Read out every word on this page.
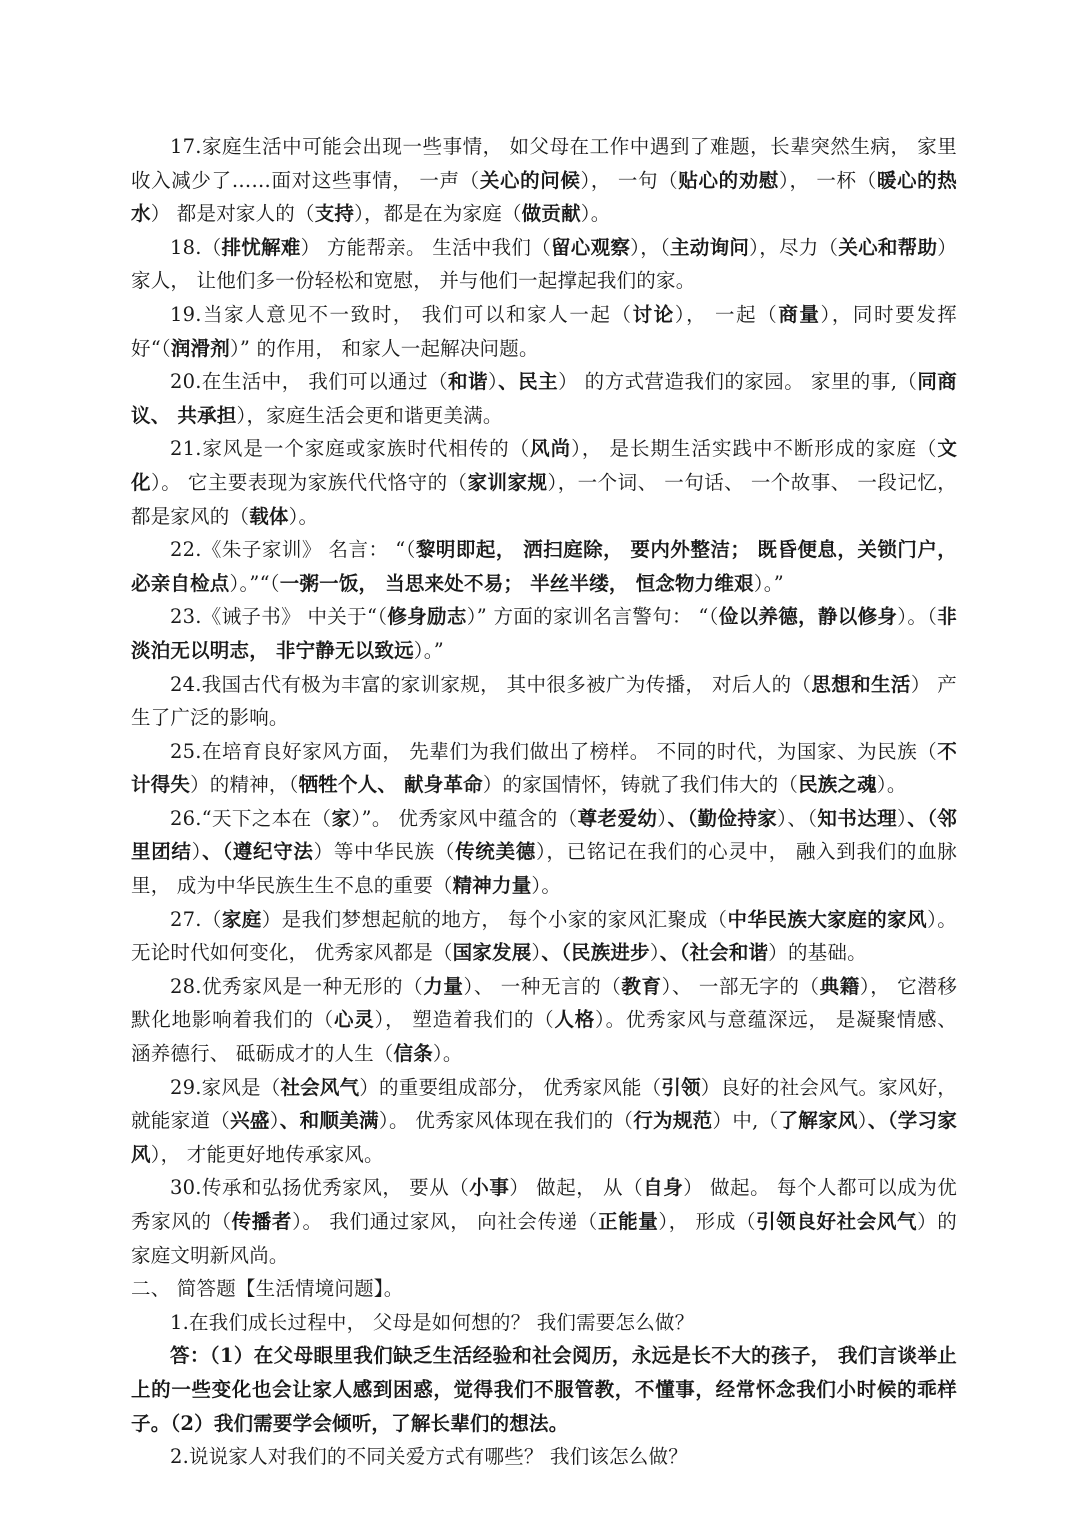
17.家庭生活中可能会出现一些事情， 如父母在工作中遇到了难题，长辈突然生病， 家里收入减少了……面对这些事情， 一声（关心的问候）， 一句（贴心的劝慰）， 一杯（暖心的热水） 都是对家人的（支持），都是在为家庭（做贡献）。

18.（排忧解难） 方能帮亲。 生活中我们（留心观察），（主动询问），尽力（关心和帮助） 家人， 让他们多一份轻松和宽慰， 并与他们一起撑起我们的家。

19.当家人意见不一致时， 我们可以和家人一起（讨论）， 一起（商量），同时要发挥好“（润滑剂）” 的作用， 和家人一起解决问题。

20.在生活中， 我们可以通过（和谐）、民主） 的方式营造我们的家园。 家里的事,（同商议、 共承担），家庭生活会更和谐更美满。

21.家风是一个家庭或家族时代相传的（风尚）， 是长期生活实践中不断形成的家庭（文化）。 它主要表现为家族代代恪守的（家训家规），一个词、 一句话、 一个故事、 一段记忆， 都是家风的（载体）。

22.《朱子家训》 名言： “（黎明即起， 洒扫庭除， 要内外整洁； 既昏便息，关锁门户， 必亲自检点）。”“（一粥一饭， 当思来处不易； 半丝半缕， 恒念物力维艰）。”

23.《诫子书》 中关于“（修身励志）” 方面的家训名言警句： “（俭以养德，静以修身）。（非淡泊无以明志， 非宁静无以致远）。”

24.我国古代有极为丰富的家训家规， 其中很多被广为传播， 对后人的（思想和生活） 产生了广泛的影响。

25.在培育良好家风方面， 先辈们为我们做出了榜样。 不同的时代，为国家、为民族（不计得失）的精神，（牺牲个人、 献身革命）的家国情怀，铸就了我们伟大的（民族之魂）。

26.“天下之本在（家）”。 优秀家风中蕴含的（尊老爱幼）、（勤俭持家）、（知书达理）、（邻里团结）、（遵纪守法）等中华民族（传统美德），已铭记在我们的心灵中， 融入到我们的血脉里， 成为中华民族生生不息的重要（精神力量）。

27.（家庭）是我们梦想起航的地方， 每个小家的家风汇聚成（中华民族大家庭的家风）。 无论时代如何变化， 优秀家风都是（国家发展）、（民族进步）、（社会和谐）的基础。

28.优秀家风是一种无形的（力量）、 一种无言的（教育）、 一部无字的（典籍）， 它潜移默化地影响着我们的（心灵）， 塑造着我们的（人格）。优秀家风与意蕴深远， 是凝聚情感、 涵养德行、 砥砺成才的人生（信条）。

29.家风是（社会风气）的重要组成部分， 优秀家风能（引领）良好的社会风气。家风好， 就能家道（兴盛）、和顺美满）。 优秀家风体现在我们的（行为规范）中,（了解家风）、（学习家风）， 才能更好地传承家风。

30.传承和弘扬优秀家风， 要从（小事） 做起， 从（自身） 做起。 每个人都可以成为优秀家风的（传播者）。 我们通过家风， 向社会传递（正能量）， 形成（引领良好社会风气）的家庭文明新风尚。

二、 简答题【生活情境问题】。

1.在我们成长过程中， 父母是如何想的？ 我们需要怎么做？

答：（1）在父母眼里我们缺乏生活经验和社会阅历，永远是长不大的孩子， 我们言谈举止上的一些变化也会让家人感到困惑，觉得我们不服管教，不懂事，经常怀念我们小时候的乖样子。（2）我们需要学会倾听，了解长辈们的想法。

2.说说家人对我们的不同关爱方式有哪些？ 我们该怎么做？
